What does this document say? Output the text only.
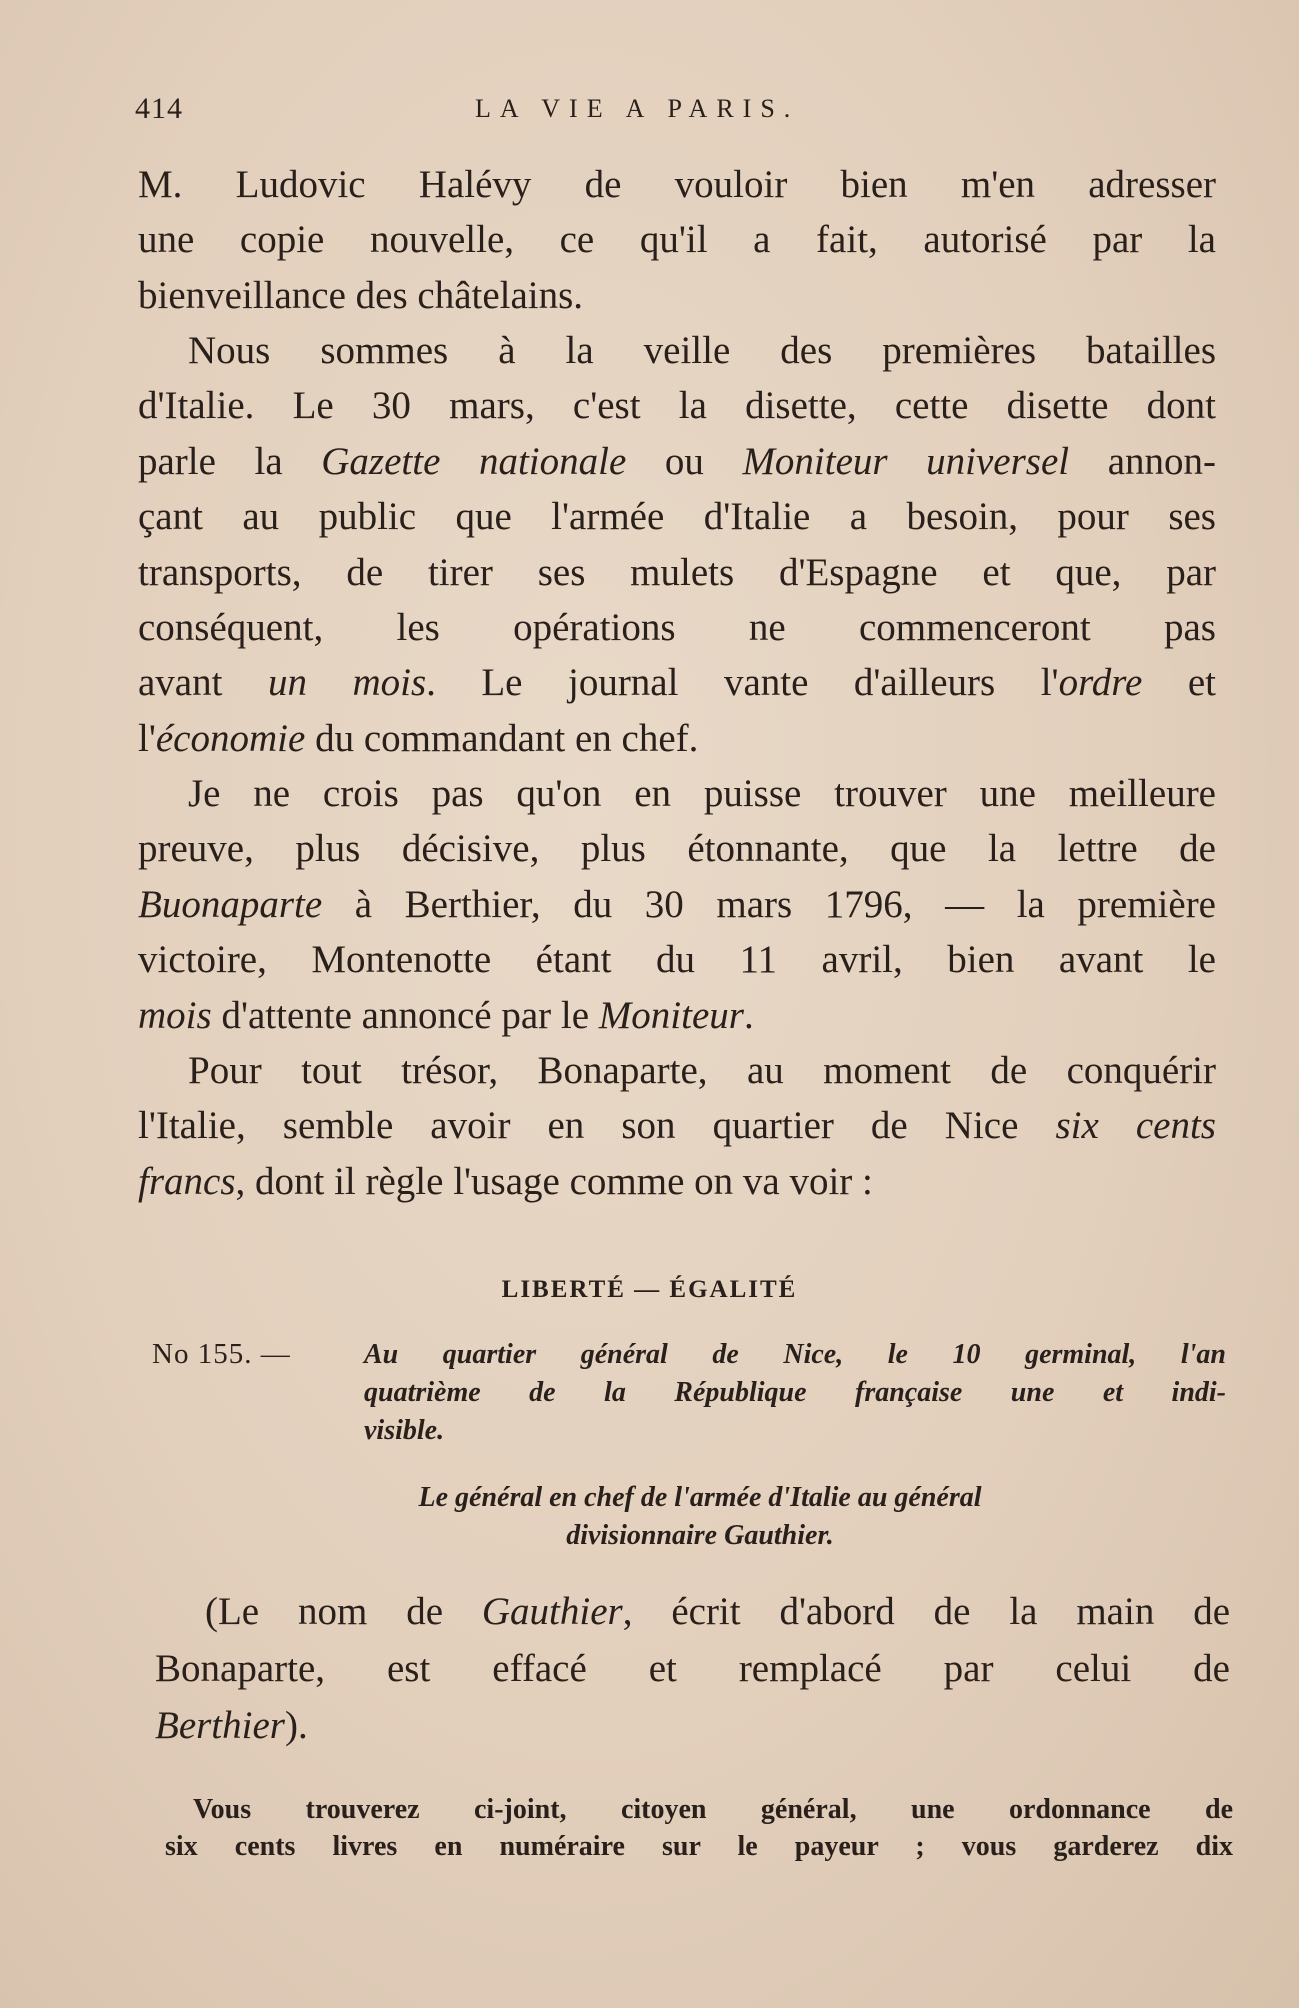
414	LA VIE A PARIS.
M. Ludovic Halévy de vouloir bien m'en adresser
une copie nouvelle, ce qu'il a fait, autorisé par la
bienveillance des châtelains.
Nous sommes à la veille des premières batailles
d'Italie. Le 30 mars, c'est la disette, cette disette dont
parle la Gazette nationale ou Moniteur universel annon-
çant au public que l'armée d'Italie a besoin, pour ses
transports, de tirer ses mulets d'Espagne et que, par
conséquent, les opérations ne commenceront pas
avant un mois. Le journal vante d'ailleurs l'ordre et
l'économie du commandant en chef.
Je ne crois pas qu'on en puisse trouver une meilleure
preuve, plus décisive, plus étonnante, que la lettre de
Buonaparte à Berthier, du 30 mars 1796, — la première
victoire, Montenotte étant du 11 avril, bien avant le
mois d'attente annoncé par le Moniteur.
Pour tout trésor, Bonaparte, au moment de conquérir
l'Italie, semble avoir en son quartier de Nice six cents
francs, dont il règle l'usage comme on va voir :
LIBERTÉ — ÉGALITÉ
No 155. —	Au quartier général de Nice, le 10 germinal, l'an
quatrième de la République française une et indi-
visible.
Le général en chef de l'armée d'Italie au général
divisionnaire Gauthier.
(Le nom de Gauthier, écrit d'abord de la main de
Bonaparte, est effacé et remplacé par celui de
Berthier).
Vous trouverez ci-joint, citoyen général, une ordonnance de
six cents livres en numéraire sur le payeur ; vous garderez dix
